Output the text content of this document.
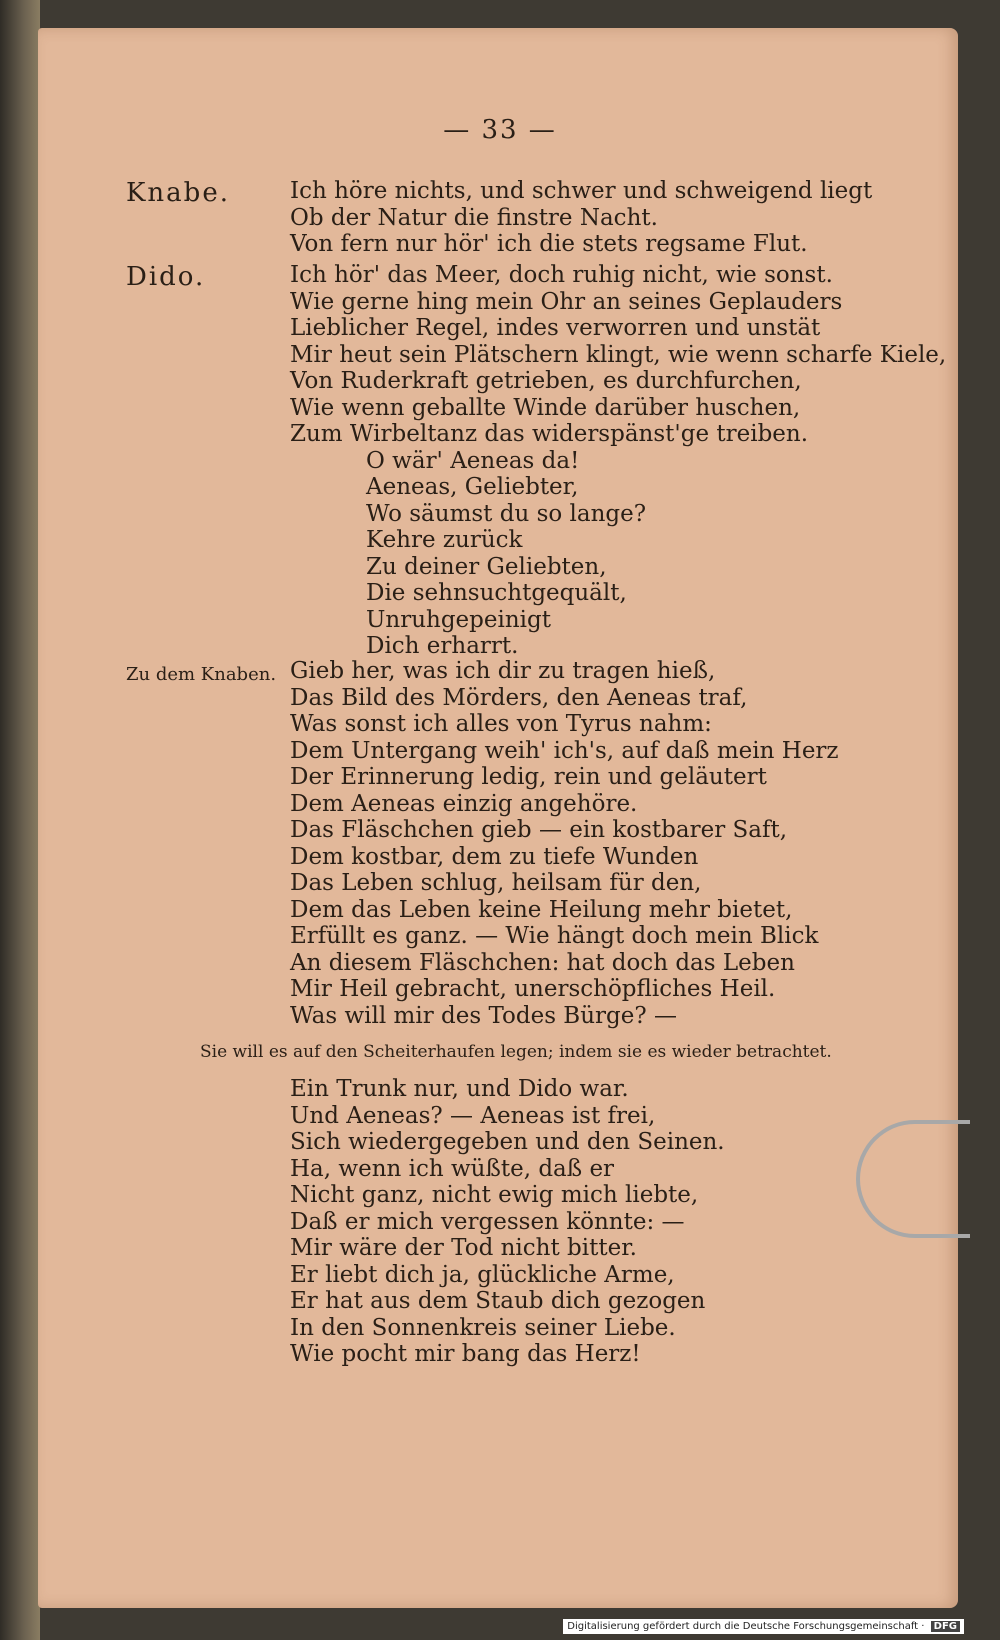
— 33 —
Knabe.	Ich höre nichts, und schwer und schweigend liegt
Ob der Natur die finstre Nacht.
Von fern nur hör' ich die stets regsame Flut.
Dido.	Ich hör' das Meer, doch ruhig nicht, wie sonst.
Wie gerne hing mein Ohr an seines Geplauders
Lieblicher Regel, indes verworren und unstät
Mir heut sein Plätschern klingt, wie wenn scharfe Kiele,
Von Ruderkraft getrieben, es durchfurchen,
Wie wenn geballte Winde darüber huschen,
Zum Wirbeltanz das widerspänst'ge treiben.
O wär' Aeneas da!
Aeneas, Geliebter,
Wo säumst du so lange?
Kehre zurück
Zu deiner Geliebten,
Die sehnsuchtgequält,
Unruhgepeinigt
Dich erharrt.
Zu dem Knaben. Gieb her, was ich dir zu tragen hieß,
Das Bild des Mörders, den Aeneas traf,
Was sonst ich alles von Tyrus nahm:
Dem Untergang weih' ich's, auf daß mein Herz
Der Erinnerung ledig, rein und geläutert
Dem Aeneas einzig angehöre.
Das Fläschchen gieb — ein kostbarer Saft,
Dem kostbar, dem zu tiefe Wunden
Das Leben schlug, heilsam für den,
Dem das Leben keine Heilung mehr bietet,
Erfüllt es ganz. — Wie hängt doch mein Blick
An diesem Fläschchen: hat doch das Leben
Mir Heil gebracht, unerschöpfliches Heil.
Was will mir des Todes Bürge? —
Sie will es auf den Scheiterhaufen legen; indem sie es wieder betrachtet.
Ein Trunk nur, und Dido war.
Und Aeneas? — Aeneas ist frei,
Sich wiedergegeben und den Seinen.
Ha, wenn ich wüßte, daß er
Nicht ganz, nicht ewig mich liebte,
Daß er mich vergessen könnte: —
Mir wäre der Tod nicht bitter.
Er liebt dich ja, glückliche Arme,
Er hat aus dem Staub dich gezogen
In den Sonnenkreis seiner Liebe.
Wie pocht mir bang das Herz!
Digitalisierung gefördert durch die Deutsche Forschungsgemeinschaft · DFG
